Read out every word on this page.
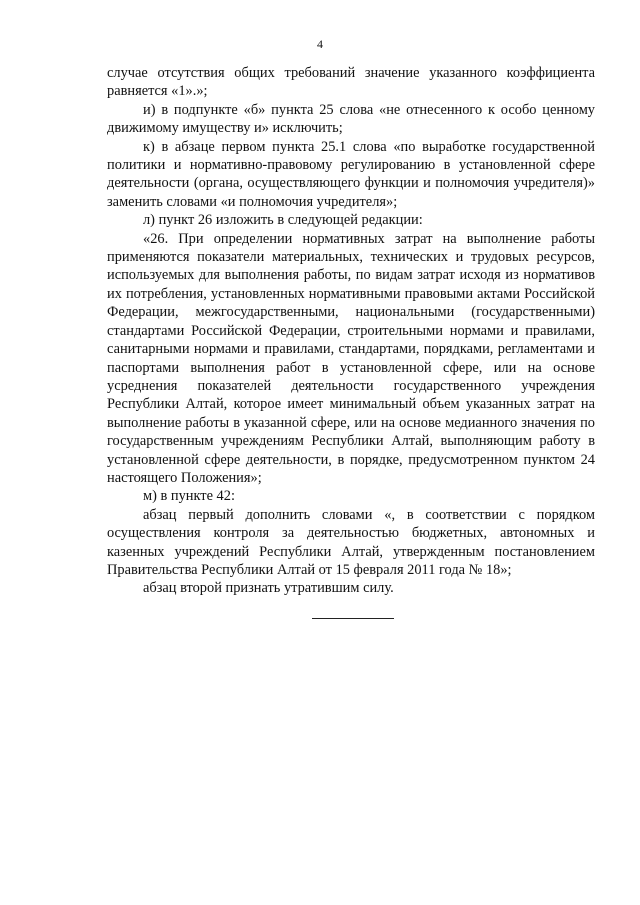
4

случае отсутствия общих требований значение указанного коэффициента равняется «1».»;

и) в подпункте «б» пункта 25 слова «не отнесенного к особо ценному движимому имуществу и» исключить;

к) в абзаце первом пункта 25.1 слова «по выработке государственной политики и нормативно-правовому регулированию в установленной сфере деятельности (органа, осуществляющего функции и полномочия учредителя)» заменить словами «и полномочия учредителя»;

л) пункт 26 изложить в следующей редакции:

«26. При определении нормативных затрат на выполнение работы применяются показатели материальных, технических и трудовых ресурсов, используемых для выполнения работы, по видам затрат исходя из нормативов их потребления, установленных нормативными правовыми актами Российской Федерации, межгосударственными, национальными (государственными) стандартами Российской Федерации, строительными нормами и правилами, санитарными нормами и правилами, стандартами, порядками, регламентами и паспортами выполнения работ в установленной сфере, или на основе усреднения показателей деятельности государственного учреждения Республики Алтай, которое имеет минимальный объем указанных затрат на выполнение работы в указанной сфере, или на основе медианного значения по государственным учреждениям Республики Алтай, выполняющим работу в установленной сфере деятельности, в порядке, предусмотренном пунктом 24 настоящего Положения»;

м) в пункте 42:

абзац первый дополнить словами «, в соответствии с порядком осуществления контроля за деятельностью бюджетных, автономных и казенных учреждений Республики Алтай, утвержденным постановлением Правительства Республики Алтай от 15 февраля 2011 года № 18»;

абзац второй признать утратившим силу.
